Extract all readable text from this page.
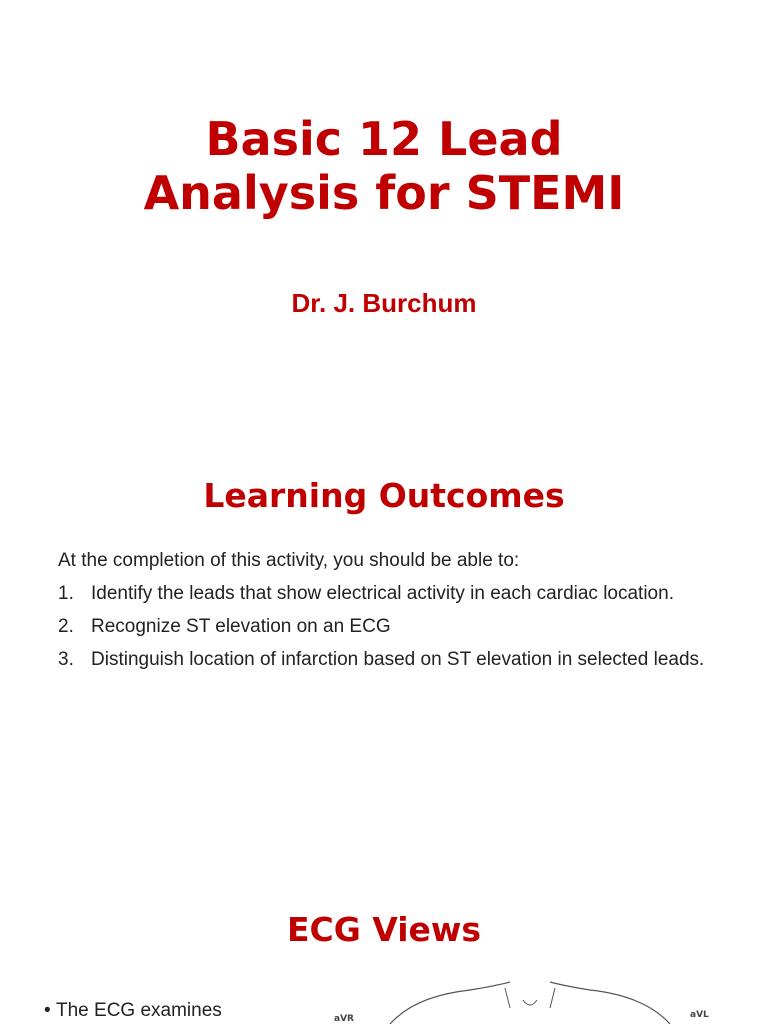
Basic 12 Lead
Analysis for STEMI

Dr. J. Burchum

Learning Outcomes

At the completion of this activity, you should be able to:

1. Identify the leads that show electrical activity in each cardiac location.
2. Recognize ST elevation on an ECG
3. Distinguish location of infarction based on ST elevation in selected leads.
ECG Views

• The ECG examines	aVR	aVL
